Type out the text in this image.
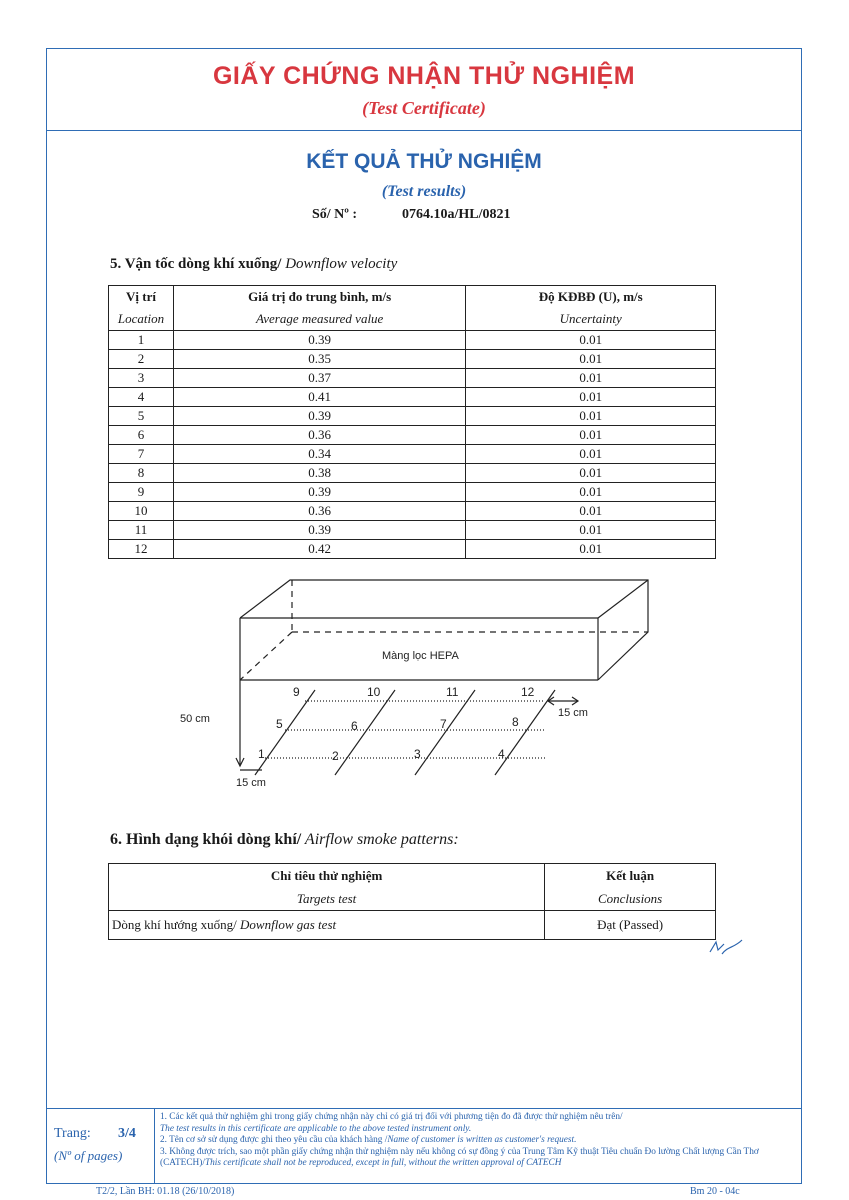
GIẤY CHỨNG NHẬN THỬ NGHIỆM
(Test Certificate)
KẾT QUẢ THỬ NGHIỆM
(Test results)
Số/ Nº :	0764.10a/HL/0821
5. Vận tốc dòng khí xuống/ Downflow velocity
Vị trí	Giá trị đo trung bình, m/s	Độ KĐBĐ (U), m/s
Location	Average measured value	Uncertainty
1	0.39	0.01
2	0.35	0.01
3	0.37	0.01
4	0.41	0.01
5	0.39	0.01
6	0.36	0.01
7	0.34	0.01
8	0.38	0.01
9	0.39	0.01
10	0.36	0.01
11	0.39	0.01
12	0.42	0.01
Màng lọc HEPA
50 cm	15 cm
15 cm
1	2	3	4
5	6	7	8
9	10	11	12
6. Hình dạng khói dòng khí/ Airflow smoke patterns:
Chỉ tiêu thử nghiệm	Kết luận
Targets test	Conclusions
Dòng khí hướng xuống/ Downflow gas test	Đạt (Passed)
Trang: 3/4
(Nº of pages)
1. Các kết quả thử nghiệm ghi trong giấy chứng nhận này chỉ có giá trị đối với phương tiện đo đã được thử nghiệm nêu trên/
The test results in this certificate are applicable to the above tested instrument only.
2. Tên cơ sở sử dụng được ghi theo yêu cầu của khách hàng /Name of customer is written as customer's request.
3. Không được trích, sao một phần giấy chứng nhận thử nghiệm này nếu không có sự đồng ý của Trung Tâm Kỹ thuật Tiêu chuẩn Đo lường Chất lượng Cần Thơ (CATECH)/This certificate shall not be reproduced, except in full, without the written approval of CATECH
T2/2, Lần BH: 01.18 (26/10/2018)	Bm 20 - 04c
